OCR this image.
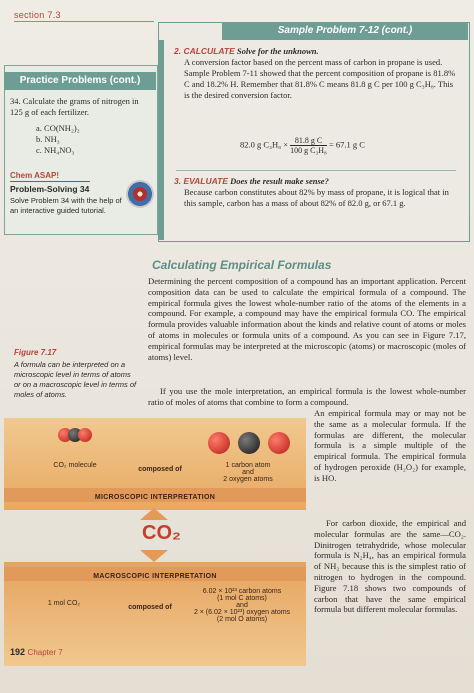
section 7.3
Practice Problems (cont.)
34. Calculate the grams of nitrogen in 125 g of each fertilizer.
a. CO(NH₂)₂
b. NH₃
c. NH₄NO₃
Chem ASAP!
Problem-Solving 34
Solve Problem 34 with the help of an interactive guided tutorial.
Sample Problem 7-12 (cont.)
2. CALCULATE Solve for the unknown.
A conversion factor based on the percent mass of carbon in propane is used. Sample Problem 7-11 showed that the percent composition of propane is 81.8% C and 18.2% H. Remember that 81.8% C means 81.8 g C per 100 g C₃H₈. This is the desired conversion factor.
82.0 g $C_3H_8 \times \frac{\text{81.8 g C}}{\text{100 g C₃H₈}} = 67.1$ g C
3. EVALUATE Does the result make sense?
Because carbon constitutes about 82% by mass of propane, it is logical that in this sample, carbon has a mass of about 82% of 82.0 g, or 67.1 g.
Calculating Empirical Formulas
Determining the percent composition of a compound has an important application. Percent composition data can be used to calculate the empirical formula of a compound. The empirical formula gives the lowest whole-number ratio of the atoms of the elements in a compound. For example, a compound may have the empirical formula CO. The empirical formula provides valuable information about the kinds and relative count of atoms or moles of atoms in molecules or formula units of a compound. As you can see in Figure 7.17, empirical formulas may be interpreted at the microscopic (atoms) or macroscopic (moles of atoms) level.
If you use the mole interpretation, an empirical formula is the lowest whole-number ratio of moles of atoms that combine to form a compound.
An empirical formula may or may not be the same as a molecular formula. If the formulas are different, the molecular formula is a simple multiple of the empirical formula. The empirical formula of hydrogen peroxide (H₂O₂) for example, is HO.
For carbon dioxide, the empirical and molecular formulas are the same—CO₂. Dinitrogen tetrahydride, whose molecular formula is N₂H₄, has an empirical formula of NH₂ because this is the simplest ratio of nitrogen to hydrogen in the compound. Figure 7.18 shows two compounds of carbon that have the same empirical formula but different molecular formulas.
Figure 7.17
A formula can be interpreted on a microscopic level in terms of atoms or on a macroscopic level in terms of moles of atoms.
CO₂ molecule
composed of
1 carbon atom
and
2 oxygen atoms
MICROSCOPIC INTERPRETATION
CO₂
MACROSCOPIC INTERPRETATION
1 mol CO₂
composed of
6.02 × 10²³ carbon atoms
(1 mol C atoms)
and
2 × (6.02 × 10²³) oxygen atoms
(2 mol O atoms)
192 Chapter 7
